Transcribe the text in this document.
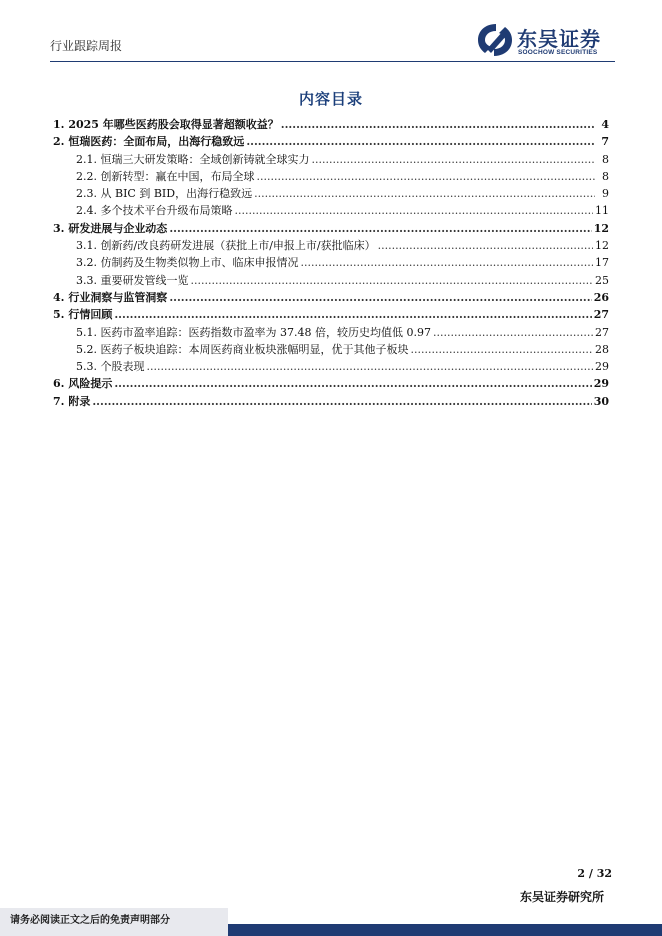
行业跟踪周报	东吴证券
SOOCHOW SECURITIES
内容目录
1. 2025 年哪些医药股会取得显著超额收益？ .....	4
2. 恒瑞医药：全面布局，出海行稳致远 .....	7
2.1. 恒瑞三大研发策略：全域创新铸就全球实力 .....	8
2.2. 创新转型：赢在中国，布局全球 .....	8
2.3. 从 BIC 到 BID，出海行稳致远 .....	9
2.4. 多个技术平台升级布局策略 .....	11
3. 研发进展与企业动态 .....	12
3.1. 创新药/改良药研发进展（获批上市/申报上市/获批临床） .....	12
3.2. 仿制药及生物类似物上市、临床申报情况 .....	17
3.3. 重要研发管线一览 .....	25
4. 行业洞察与监管洞察 .....	26
5. 行情回顾 .....	27
5.1. 医药市盈率追踪：医药指数市盈率为 37.48 倍，较历史均值低 0.97 .....	27
5.2. 医药子板块追踪：本周医药商业板块涨幅明显，优于其他子板块 .....	28
5.3. 个股表现 .....	29
6. 风险提示 .....	29
7. 附录 .....	30
2 / 32
东吴证券研究所
请务必阅读正文之后的免责声明部分
